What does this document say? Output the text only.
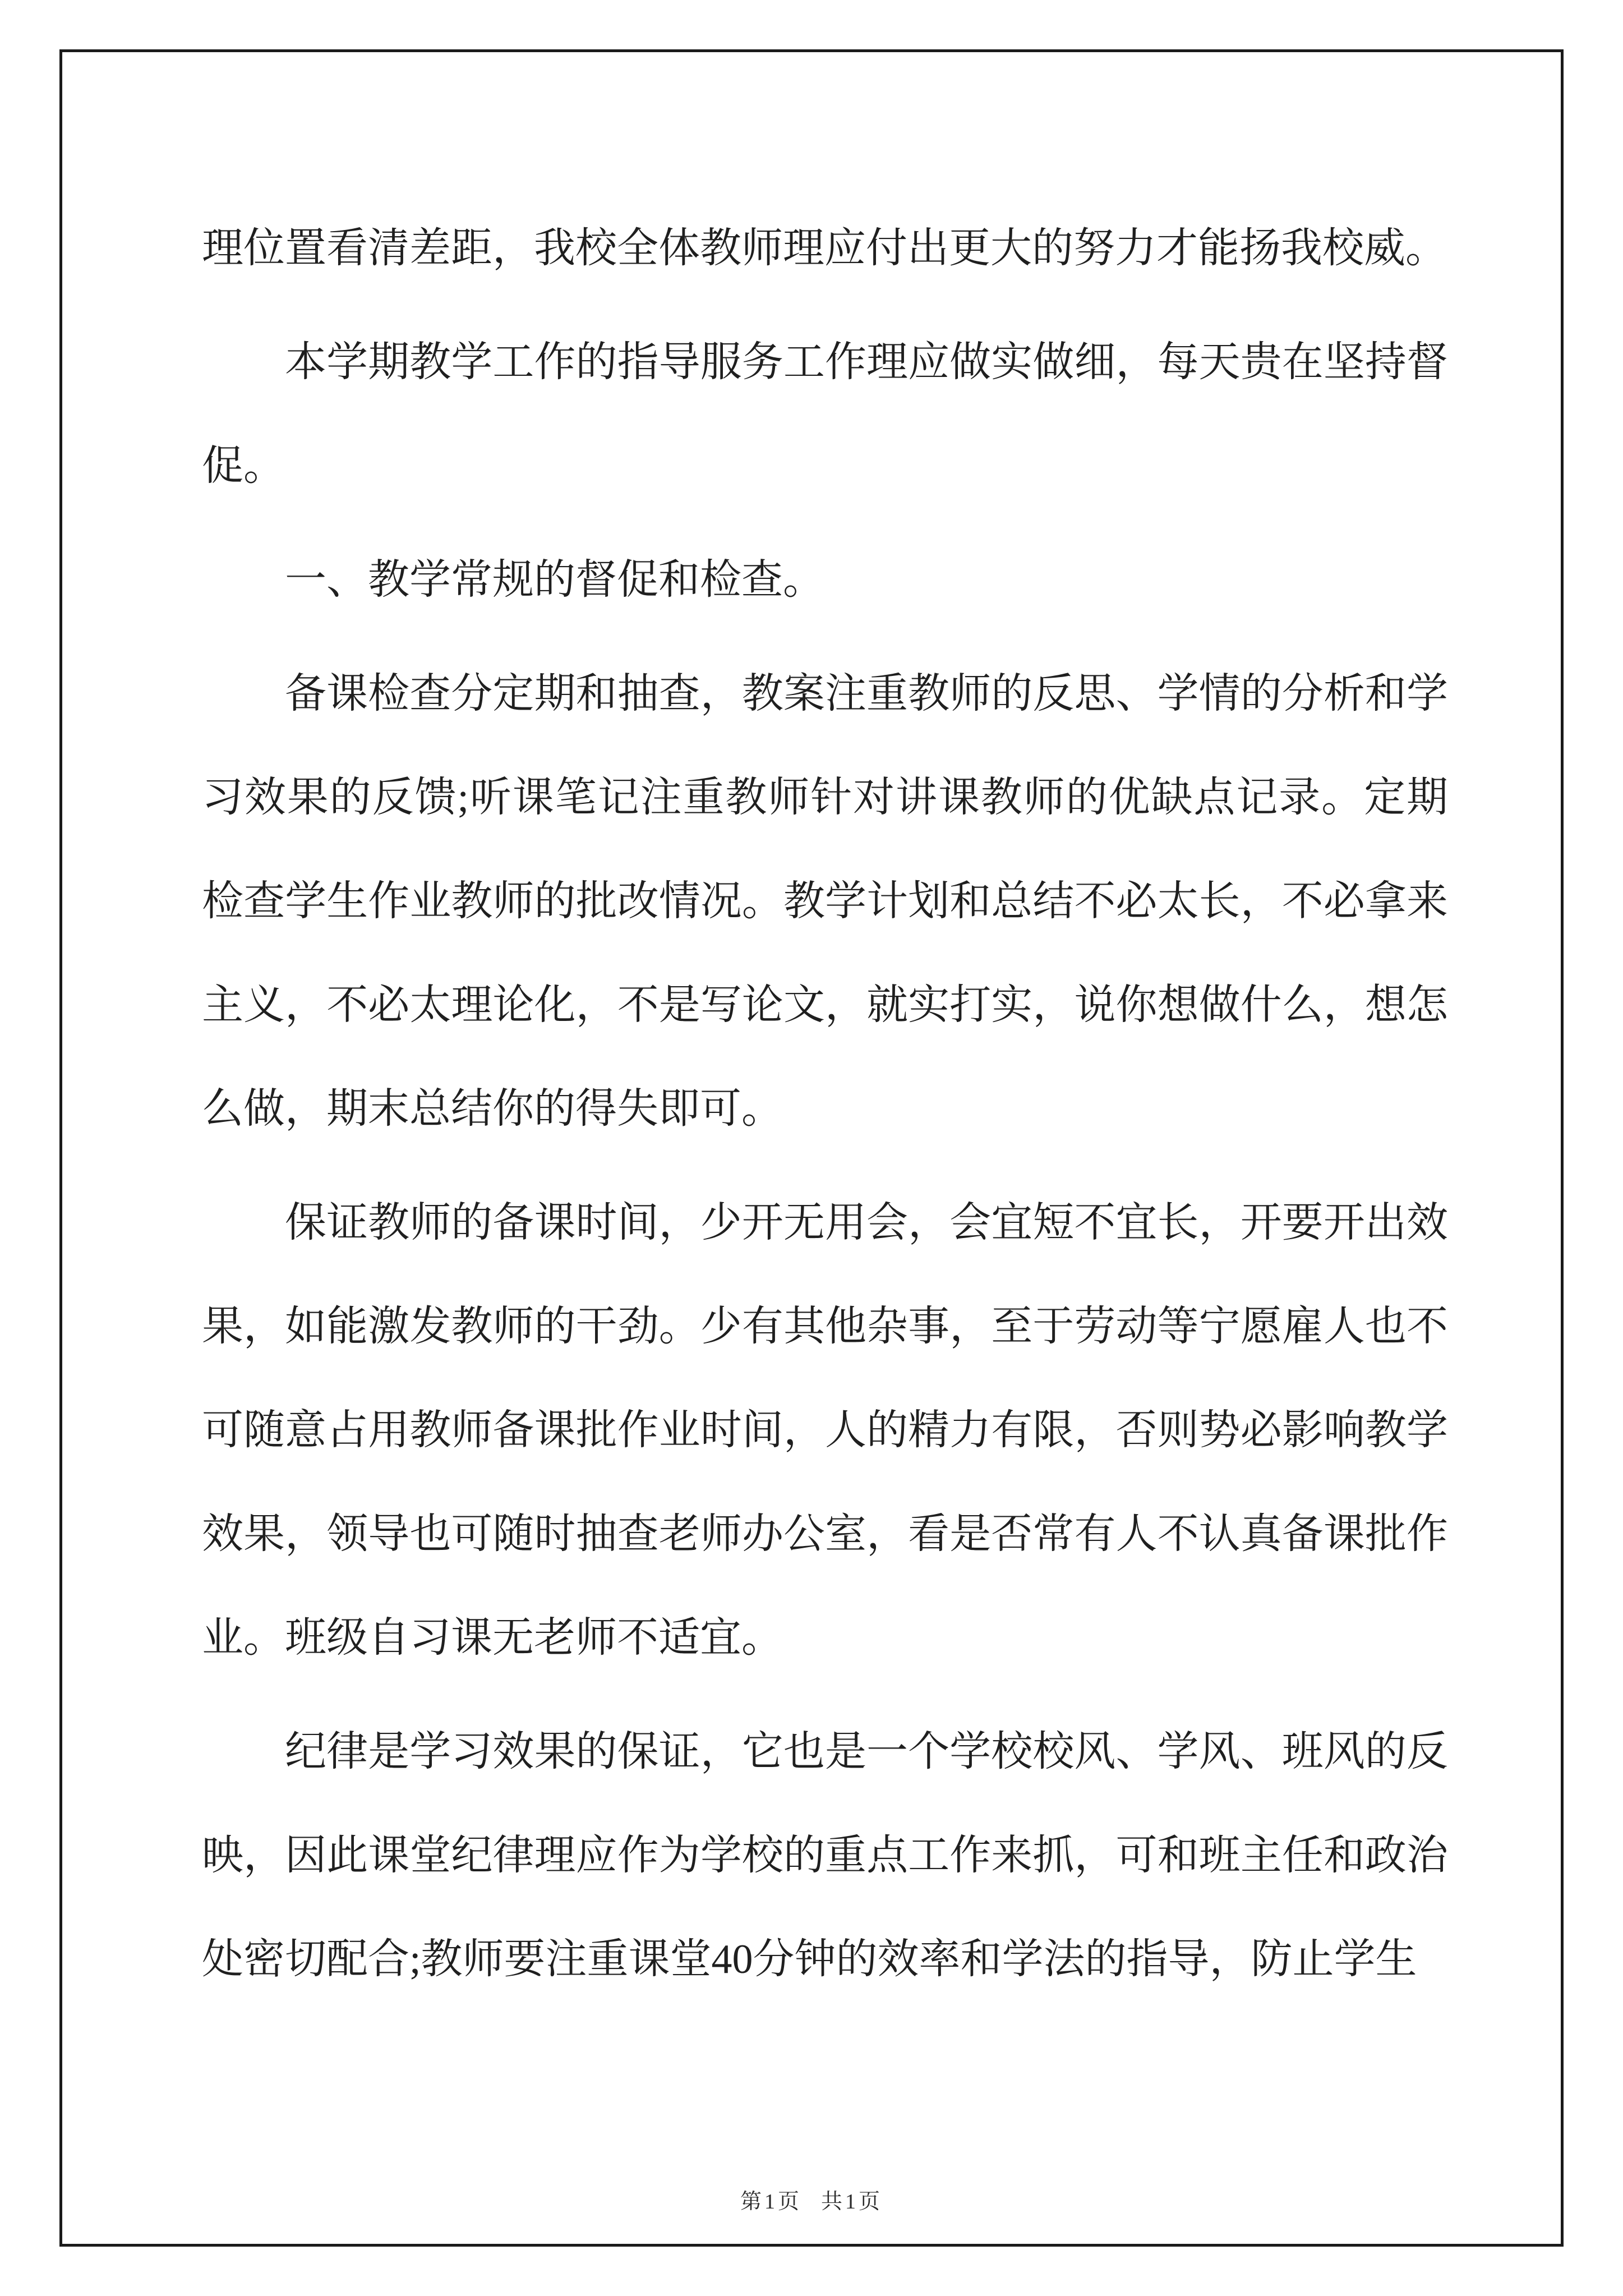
理位置看清差距，我校全体教师理应付出更大的努力才能扬我校威。

本学期教学工作的指导服务工作理应做实做细，每天贵在坚持督促。

一、教学常规的督促和检查。

备课检查分定期和抽查，教案注重教师的反思、学情的分析和学习效果的反馈;听课笔记注重教师针对讲课教师的优缺点记录。定期检查学生作业教师的批改情况。教学计划和总结不必太长，不必拿来主义，不必太理论化，不是写论文，就实打实，说你想做什么，想怎么做，期末总结你的得失即可。

保证教师的备课时间，少开无用会，会宜短不宜长，开要开出效果，如能激发教师的干劲。少有其他杂事，至于劳动等宁愿雇人也不可随意占用教师备课批作业时间，人的精力有限，否则势必影响教学效果，领导也可随时抽查老师办公室，看是否常有人不认真备课批作业。班级自习课无老师不适宜。

纪律是学习效果的保证，它也是一个学校校风、学风、班风的反映，因此课堂纪律理应作为学校的重点工作来抓，可和班主任和政治处密切配合;教师要注重课堂40分钟的效率和学法的指导，防止学生

第1页 共1页
